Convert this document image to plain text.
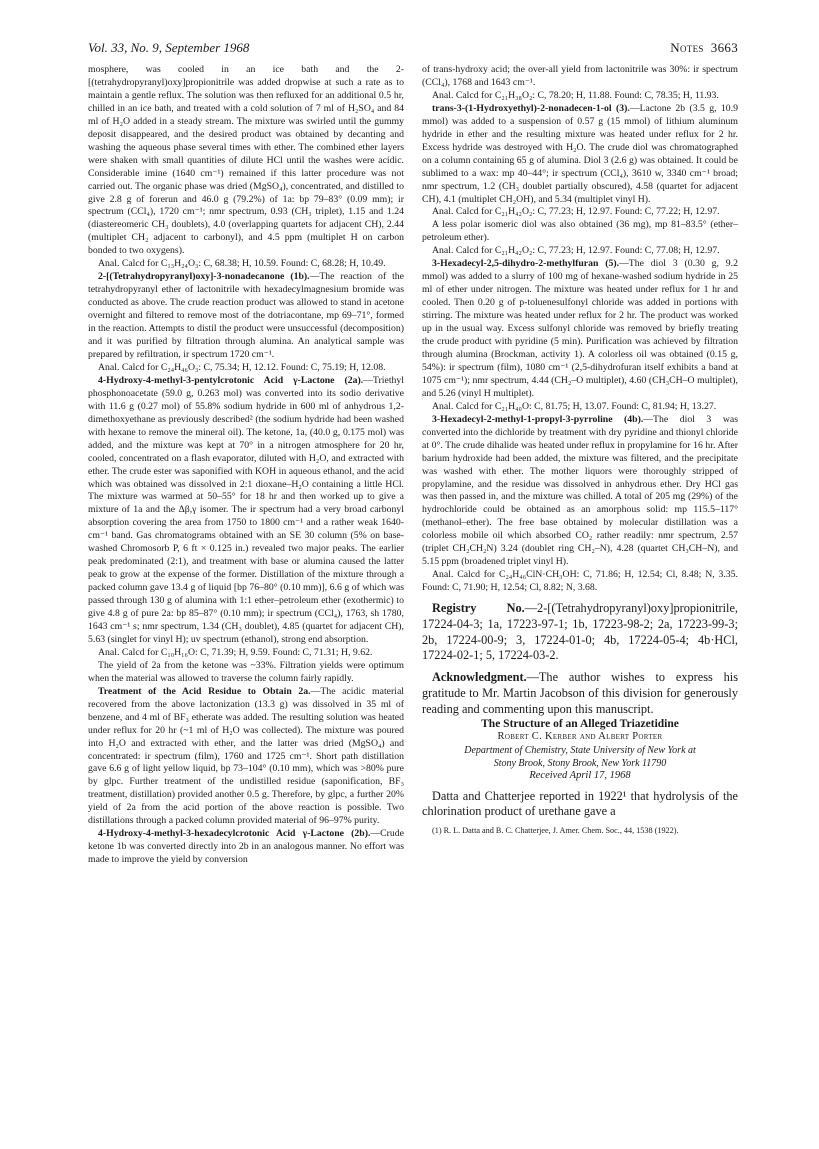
Vol. 33, No. 9, September 1968	Notes 3663

mosphere, was cooled in an ice bath and the 2-[(tetrahydropyranyl)oxy]propionitrile was added dropwise at such a rate as to maintain a gentle reflux. The solution was then refluxed for an additional 0.5 hr, chilled in an ice bath, and treated with a cold solution of 7 ml of H₂SO₄ and 84 ml of H₂O added in a steady stream. The mixture was swirled until the gummy deposit disappeared, and the desired product was obtained by decanting and washing the aqueous phase several times with ether. The combined ether layers were shaken with small quantities of dilute HCl until the washes were acidic. Considerable imine (1640 cm⁻¹) remained if this latter procedure was not carried out. The organic phase was dried (MgSO₄), concentrated, and distilled to give 2.8 g of forerun and 46.0 g (79.2%) of 1a: bp 79–83° (0.09 mm); ir spectrum (CCl₄), 1720 cm⁻¹; nmr spectrum, 0.93 (CH₃ triplet), 1.15 and 1.24 (diastereomeric CH₃ doublets), 4.0 (overlapping quartets for adjacent CH), 2.44 (multiplet CH₂ adjacent to carbonyl), and 4.5 ppm (multiplet H on carbon bonded to two oxygens).

Anal. Calcd for C₁₃H₂₄O₃: C, 68.38; H, 10.59. Found: C, 68.28; H, 10.49.

2-[(Tetrahydropyranyl)oxy]-3-nonadecanone (1b).—The reaction of the tetrahydropyranyl ether of lactonitrile with hexadecylmagnesium bromide was conducted as above. The crude reaction product was allowed to stand in acetone overnight and filtered to remove most of the dotriacontane, mp 69–71°, formed in the reaction. Attempts to distil the product were unsuccessful (decomposition) and it was purified by filtration through alumina. An analytical sample was prepared by refiltration, ir spectrum 1720 cm⁻¹.

Anal. Calcd for C₂₄H₄₆O₃: C, 75.34; H, 12.12. Found: C, 75.19; H, 12.08.

4-Hydroxy-4-methyl-3-pentylcrotonic Acid γ-Lactone (2a).—Triethyl phosphonoacetate (59.0 g, 0.263 mol) was converted into its sodio derivative with 11.6 g (0.27 mol) of 55.8% sodium hydride in 600 ml of anhydrous 1,2-dimethoxyethane as previously described² (the sodium hydride had been washed with hexane to remove the mineral oil). The ketone, 1a, (40.0 g, 0.175 mol) was added, and the mixture was kept at 70° in a nitrogen atmosphere for 20 hr, cooled, concentrated on a flash evaporator, diluted with H₂O, and extracted with ether. The crude ester was saponified with KOH in aqueous ethanol, and the acid which was obtained was dissolved in 2:1 dioxane–H₂O containing a little HCl. The mixture was warmed at 50–55° for 18 hr and then worked up to give a mixture of 1a and the Δβ,γ isomer. The ir spectrum had a very broad carbonyl absorption covering the area from 1750 to 1800 cm⁻¹ and a rather weak 1640-cm⁻¹ band. Gas chromatograms obtained with an SE 30 column (5% on base-washed Chromosorb P, 6 ft × 0.125 in.) revealed two major peaks. The earlier peak predominated (2:1), and treatment with base or alumina caused the latter peak to grow at the expense of the former. Distillation of the mixture through a packed column gave 13.4 g of liquid [bp 76–80° (0.10 mm)], 6.6 g of which was passed through 130 g of alumina with 1:1 ether–petroleum ether (exothermic) to give 4.8 g of pure 2a: bp 85–87° (0.10 mm); ir spectrum (CCl₄), 1763, sh 1780, 1643 cm⁻¹ s; nmr spectrum, 1.34 (CH₃ doublet), 4.85 (quartet for adjacent CH), 5.63 (singlet for vinyl H); uv spectrum (ethanol), strong end absorption.

Anal. Calcd for C₁₀H₁₆O: C, 71.39; H, 9.59. Found: C, 71.31; H, 9.62.

The yield of 2a from the ketone was ~33%. Filtration yields were optimum when the material was allowed to traverse the column fairly rapidly.

Treatment of the Acid Residue to Obtain 2a.—The acidic material recovered from the above lactonization (13.3 g) was dissolved in 35 ml of benzene, and 4 ml of BF₃ etherate was added. The resulting solution was heated under reflux for 20 hr (~1 ml of H₂O was collected). The mixture was poured into H₂O and extracted with ether, and the latter was dried (MgSO₄) and concentrated: ir spectrum (film), 1760 and 1725 cm⁻¹. Short path distillation gave 6.6 g of light yellow liquid, bp 73–104° (0.10 mm), which was >80% pure by glpc. Further treatment of the undistilled residue (saponification, BF₃ treatment, distillation) provided another 0.5 g. Therefore, by glpc, a further 20% yield of 2a from the acid portion of the above reaction is possible. Two distillations through a packed column provided material of 96–97% purity.

4-Hydroxy-4-methyl-3-hexadecylcrotonic Acid γ-Lactone (2b).—Crude ketone 1b was converted directly into 2b in an analogous manner. No effort was made to improve the yield by conversion

of trans-hydroxy acid; the over-all yield from lactonitrile was 30%: ir spectrum (CCl₄), 1768 and 1643 cm⁻¹.

Anal. Calcd for C₂₁H₃₈O₂: C, 78.20; H, 11.88. Found: C, 78.35; H, 11.93.

trans-3-(1-Hydroxyethyl)-2-nonadecen-1-ol (3).—Lactone 2b (3.5 g, 10.9 mmol) was added to a suspension of 0.57 g (15 mmol) of lithium aluminum hydride in ether and the resulting mixture was heated under reflux for 2 hr. Excess hydride was destroyed with H₂O. The crude diol was chromatographed on a column containing 65 g of alumina. Diol 3 (2.6 g) was obtained. It could be sublimed to a wax: mp 40–44°; ir spectrum (CCl₄), 3610 w, 3340 cm⁻¹ broad; nmr spectrum, 1.2 (CH₃ doublet partially obscured), 4.58 (quartet for adjacent CH), 4.1 (multiplet CH₂OH), and 5.34 (multiplet vinyl H).

Anal. Calcd for C₂₁H₄₂O₂: C, 77.23; H, 12.97. Found: C, 77.22; H, 12.97.

A less polar isomeric diol was also obtained (36 mg), mp 81–83.5° (ether–petroleum ether).

Anal. Calcd for C₂₁H₄₂O₂: C, 77.23; H, 12.97. Found: C, 77.08; H, 12.97.

3-Hexadecyl-2,5-dihydro-2-methylfuran (5).—The diol 3 (0.30 g, 9.2 mmol) was added to a slurry of 100 mg of hexane-washed sodium hydride in 25 ml of ether under nitrogen. The mixture was heated under reflux for 1 hr and cooled. Then 0.20 g of p-toluenesulfonyl chloride was added in portions with stirring. The mixture was heated under reflux for 2 hr. The product was worked up in the usual way. Excess sulfonyl chloride was removed by briefly treating the crude product with pyridine (5 min). Purification was achieved by filtration through alumina (Brockman, activity 1). A colorless oil was obtained (0.15 g, 54%): ir spectrum (film), 1080 cm⁻¹ (2,5-dihydrofuran itself exhibits a band at 1075 cm⁻¹); nmr spectrum, 4.44 (CH₂–O multiplet), 4.60 (CH₃CH–O multiplet), and 5.26 (vinyl H multiplet).

Anal. Calcd for C₂₁H₄₀O: C, 81.75; H, 13.07. Found: C, 81.94; H, 13.27.

3-Hexadecyl-2-methyl-1-propyl-3-pyrroline (4b).—The diol 3 was converted into the dichloride by treatment with dry pyridine and thionyl chloride at 0°. The crude dihalide was heated under reflux in propylamine for 16 hr. After barium hydroxide had been added, the mixture was filtered, and the precipitate was washed with ether. The mother liquors were thoroughly stripped of propylamine, and the residue was dissolved in anhydrous ether. Dry HCl gas was then passed in, and the mixture was chilled. A total of 205 mg (29%) of the hydrochloride could be obtained as an amorphous solid: mp 115.5–117° (methanol–ether). The free base obtained by molecular distillation was a colorless mobile oil which absorbed CO₂ rather readily: nmr spectrum, 2.57 (triplet CH₂CH₂N) 3.24 (doublet ring CH₂–N), 4.28 (quartet CH₃CH–N), and 5.15 ppm (broadened triplet vinyl H).

Anal. Calcd for C₂₄H₄₆ClN·CH₃OH: C, 71.86; H, 12.54; Cl, 8.48; N, 3.35. Found: C, 71.90; H, 12.54; Cl, 8.82; N, 3.68.

Registry No.—2-[(Tetrahydropyranyl)oxy]propionitrile, 17224-04-3; 1a, 17223-97-1; 1b, 17223-98-2; 2a, 17223-99-3; 2b, 17224-00-9; 3, 17224-01-0; 4b, 17224-05-4; 4b·HCl, 17224-02-1; 5, 17224-03-2.

Acknowledgment.—The author wishes to express his gratitude to Mr. Martin Jacobson of this division for generously reading and commenting upon this manuscript.

The Structure of an Alleged Triazetidine

Robert C. Kerber and Albert Porter

Department of Chemistry, State University of New York at
Stony Brook, Stony Brook, New York 11790

Received April 17, 1968

Datta and Chatterjee reported in 1922¹ that hydrolysis of the chlorination product of urethane gave a

(1) R. L. Datta and B. C. Chatterjee, J. Amer. Chem. Soc., 44, 1538 (1922).
